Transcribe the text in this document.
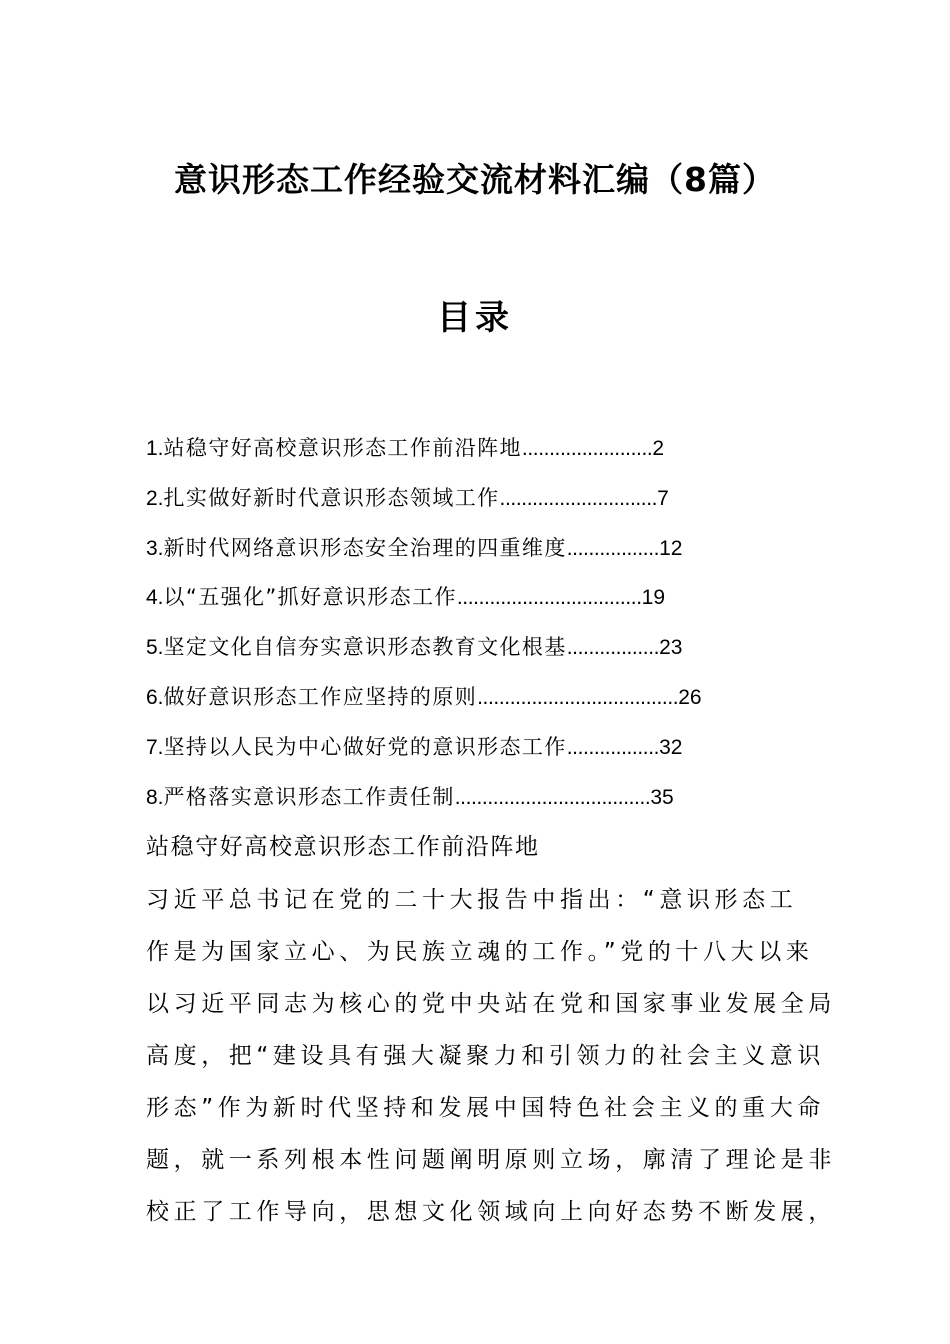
意识形态工作经验交流材料汇编（8篇）
目录
1.站稳守好高校意识形态工作前沿阵地........................2
2.扎实做好新时代意识形态领域工作.............................7
3.新时代网络意识形态安全治理的四重维度.................12
4.以“五强化”抓好意识形态工作..................................19
5.坚定文化自信夯实意识形态教育文化根基.................23
6.做好意识形态工作应坚持的原则.....................................26
7.坚持以人民为中心做好党的意识形态工作.................32
8.严格落实意识形态工作责任制....................................35
站稳守好高校意识形态工作前沿阵地
习近平总书记在党的二十大报告中指出：“意识形态工
作是为国家立心、为民族立魂的工作。”党的十八大以来
以习近平同志为核心的党中央站在党和国家事业发展全局
高度，把“建设具有强大凝聚力和引领力的社会主义意识
形态”作为新时代坚持和发展中国特色社会主义的重大命
题，就一系列根本性问题阐明原则立场，廓清了理论是非
校正了工作导向，思想文化领域向上向好态势不断发展，
